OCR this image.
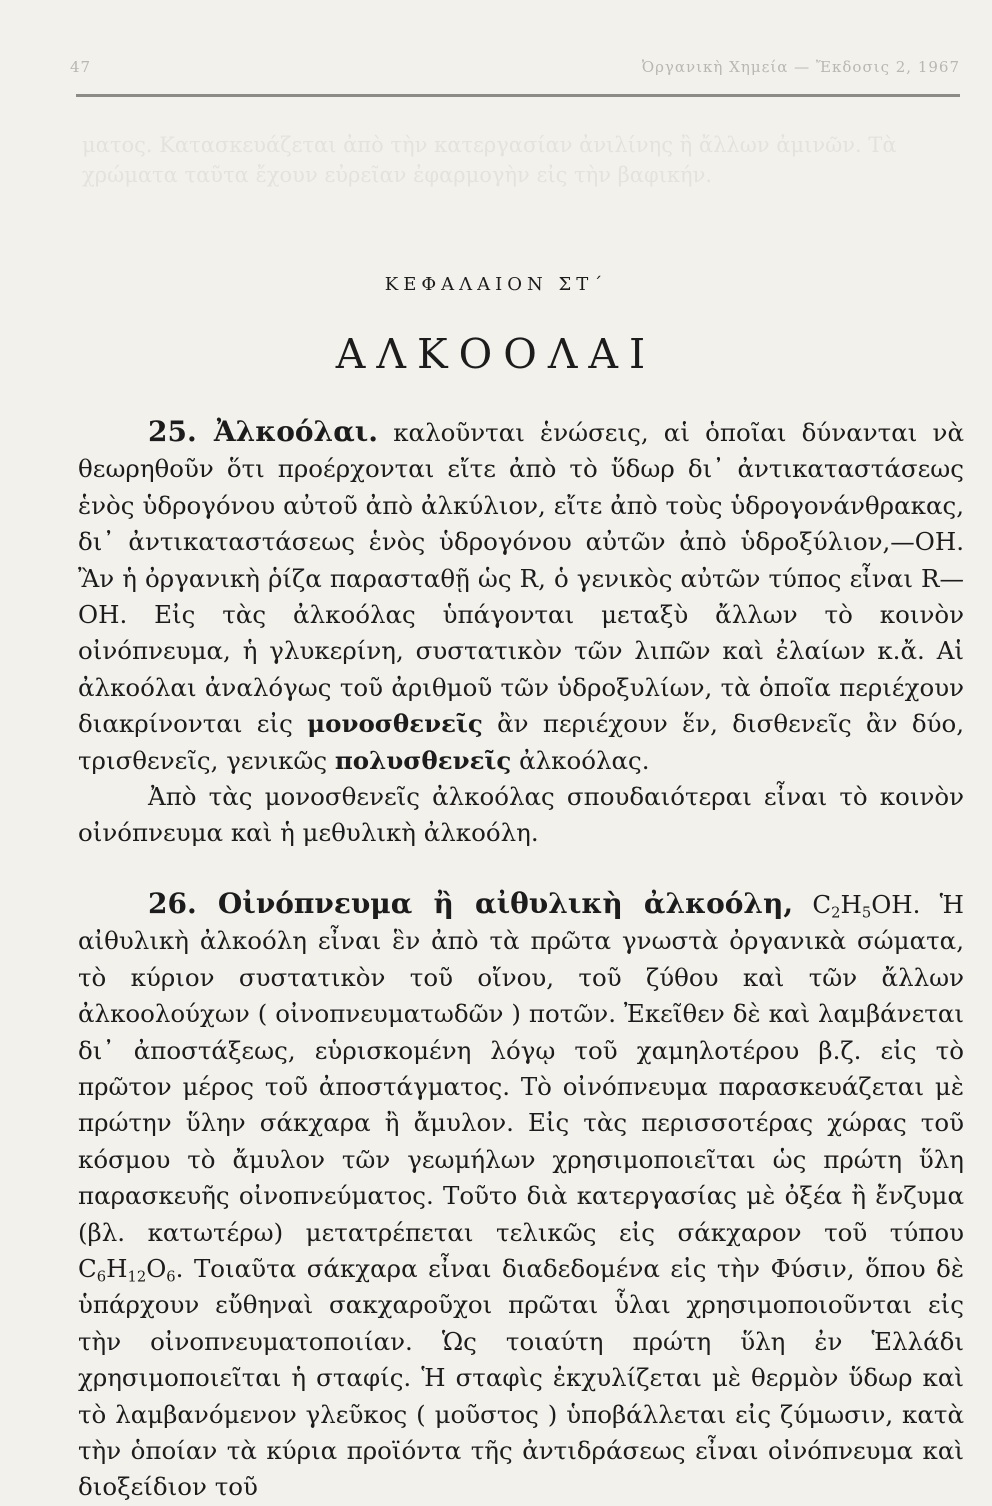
47	Ὀργανικὴ Χημεία — Ἔκδοσις 2, 1967
ματος. Κατασκευάζεται ἀπὸ τὴν κατεργασίαν ἀνιλίνης ἢ ἄλλων ἀμινῶν. Τὰ χρώματα ταῦτα ἔχουν εὐρεῖαν ἐφαρμογὴν εἰς τὴν βαφικήν.
ΚΕΦΑΛΑΙΟΝ ΣΤ΄
ΑΛΚΟΟΛΑΙ

25. Ἀλκοόλαι. καλοῦνται ἑνώσεις, αἱ ὁποῖαι δύνανται νὰ θεωρηθοῦν ὅτι προέρχονται εἴτε ἀπὸ τὸ ὕδωρ δι᾽ ἀντικαταστάσεως ἑνὸς ὑδρογόνου αὐτοῦ ἀπὸ ἀλκύλιον, εἴτε ἀπὸ τοὺς ὑδρογονάνθρακας, δι᾽ ἀντικαταστάσεως ἑνὸς ὑδρογόνου αὐτῶν ἀπὸ ὑδροξύλιον,—ΟΗ. Ἂν ἡ ὀργανικὴ ῥίζα παρασταθῇ ὡς R, ὁ γενικὸς αὐτῶν τύπος εἶναι R—ΟΗ. Εἰς τὰς ἀλκοόλας ὑπάγονται μεταξὺ ἄλλων τὸ κοινὸν οἰνόπνευμα, ἡ γλυκερίνη, συστατικὸν τῶν λιπῶν καὶ ἐλαίων κ.ἄ. Αἱ ἀλκοόλαι ἀναλόγως τοῦ ἀριθμοῦ τῶν ὑδροξυλίων, τὰ ὁποῖα περιέχουν διακρίνονται εἰς μονοσθενεῖς ἂν περιέχουν ἕν, δισθενεῖς ἂν δύο, τρισθενεῖς, γενικῶς πολυσθενεῖς ἀλκοόλας.

Ἀπὸ τὰς μονοσθενεῖς ἀλκοόλας σπουδαιότεραι εἶναι τὸ κοινὸν οἰνόπνευμα καὶ ἡ μεθυλικὴ ἀλκοόλη.

26. Οἰνόπνευμα ἢ αἰθυλικὴ ἀλκοόλη, $C_2H_5OH$. Ἡ αἰθυλικὴ ἀλκοόλη εἶναι ἓν ἀπὸ τὰ πρῶτα γνωστὰ ὀργανικὰ σώματα, τὸ κύριον συστατικὸν τοῦ οἴνου, τοῦ ζύθου καὶ τῶν ἄλλων ἀλκοολούχων ( οἰνοπνευματωδῶν ) ποτῶν. Ἐκεῖθεν δὲ καὶ λαμβάνεται δι᾽ ἀποστάξεως, εὑρισκομένη λόγῳ τοῦ χαμηλοτέρου β.ζ. εἰς τὸ πρῶτον μέρος τοῦ ἀποστάγματος. Τὸ οἰνόπνευμα παρασκευάζεται μὲ πρώτην ὕλην σάκχαρα ἢ ἄμυλον. Εἰς τὰς περισσοτέρας χώρας τοῦ κόσμου τὸ ἄμυλον τῶν γεωμήλων χρησιμοποιεῖται ὡς πρώτη ὕλη παρασκευῆς οἰνοπνεύματος. Τοῦτο διὰ κατεργασίας μὲ ὀξέα ἢ ἔνζυμα (βλ. κατωτέρω) μετατρέπεται τελικῶς εἰς σάκχαρον τοῦ τύπου $C_6H_{12}O_6$. Τοιαῦτα σάκχαρα εἶναι διαδεδομένα εἰς τὴν Φύσιν, ὅπου δὲ ὑπάρχουν εὔθηναὶ σακχαροῦχοι πρῶται ὗλαι χρησιμοποιοῦνται εἰς τὴν οἰνοπνευματοποιίαν. Ὡς τοιαύτη πρώτη ὕλη ἐν Ἑλλάδι χρησιμοποιεῖται ἡ σταφίς. Ἡ σταφὶς ἐκχυλίζεται μὲ θερμὸν ὕδωρ καὶ τὸ λαμβανόμενον γλεῦκος ( μοῦστος ) ὑποβάλλεται εἰς ζύμωσιν, κατὰ τὴν ὁποίαν τὰ κύρια προϊόντα τῆς ἀντιδράσεως εἶναι οἰνόπνευμα καὶ διοξείδιον τοῦ
